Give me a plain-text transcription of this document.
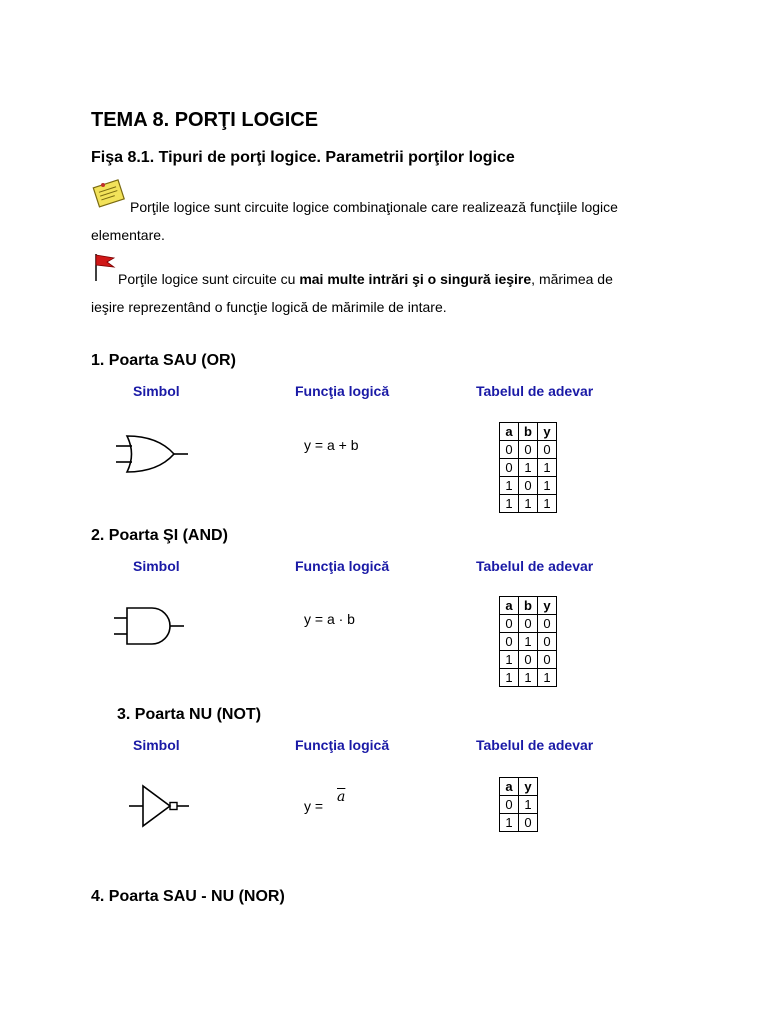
TEMA 8. PORŢI LOGICE
Fişa 8.1. Tipuri de porţi logice. Parametrii porţilor logice
Porţile logice sunt circuite logice combinaţionale care realizează funcţiile logice
elementare.
Porţile logice sunt circuite cu mai multe intrări şi o singură ieşire, mărimea de
ieşire reprezentând o funcţie logică de mărimile de intare.
1. Poarta SAU (OR)
Simbol	Funcţia logică	Tabelul de adevar
y = a + b
a	b	y
0	0	0
0	1	1
1	0	1
1	1	1
2. Poarta ŞI (AND)
Simbol	Funcţia logică	Tabelul de adevar
y = a · b
a	b	y
0	0	0
0	1	0
1	0	0
1	1	1
3. Poarta NU (NOT)
Simbol	Funcţia logică	Tabelul de adevar
y =
$\overline{a}$
a	y
0	1
1	0
4. Poarta SAU - NU (NOR)
